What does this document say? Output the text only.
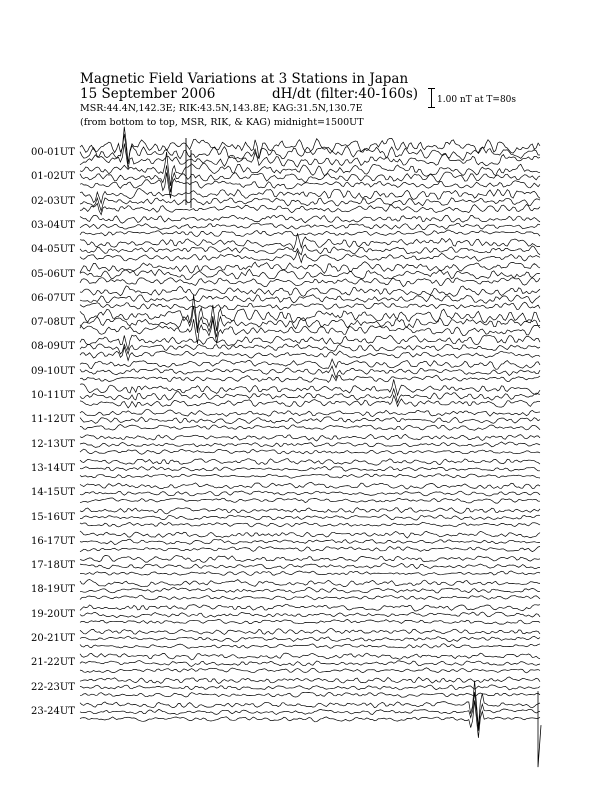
Magnetic Field Variations at 3 Stations in Japan
15 September 2006	dH/dt (filter:40-160s)
MSR:44.4N,142.3E; RIK:43.5N,143.8E; KAG:31.5N,130.7E
(from bottom to top, MSR, RIK, & KAG) midnight=1500UT
1.00 nT at T=80s
00-01UT
01-02UT
02-03UT
03-04UT
04-05UT
05-06UT
06-07UT
07-08UT
08-09UT
09-10UT
10-11UT
11-12UT
12-13UT
13-14UT
14-15UT
15-16UT
16-17UT
17-18UT
18-19UT
19-20UT
20-21UT
21-22UT
22-23UT
23-24UT
